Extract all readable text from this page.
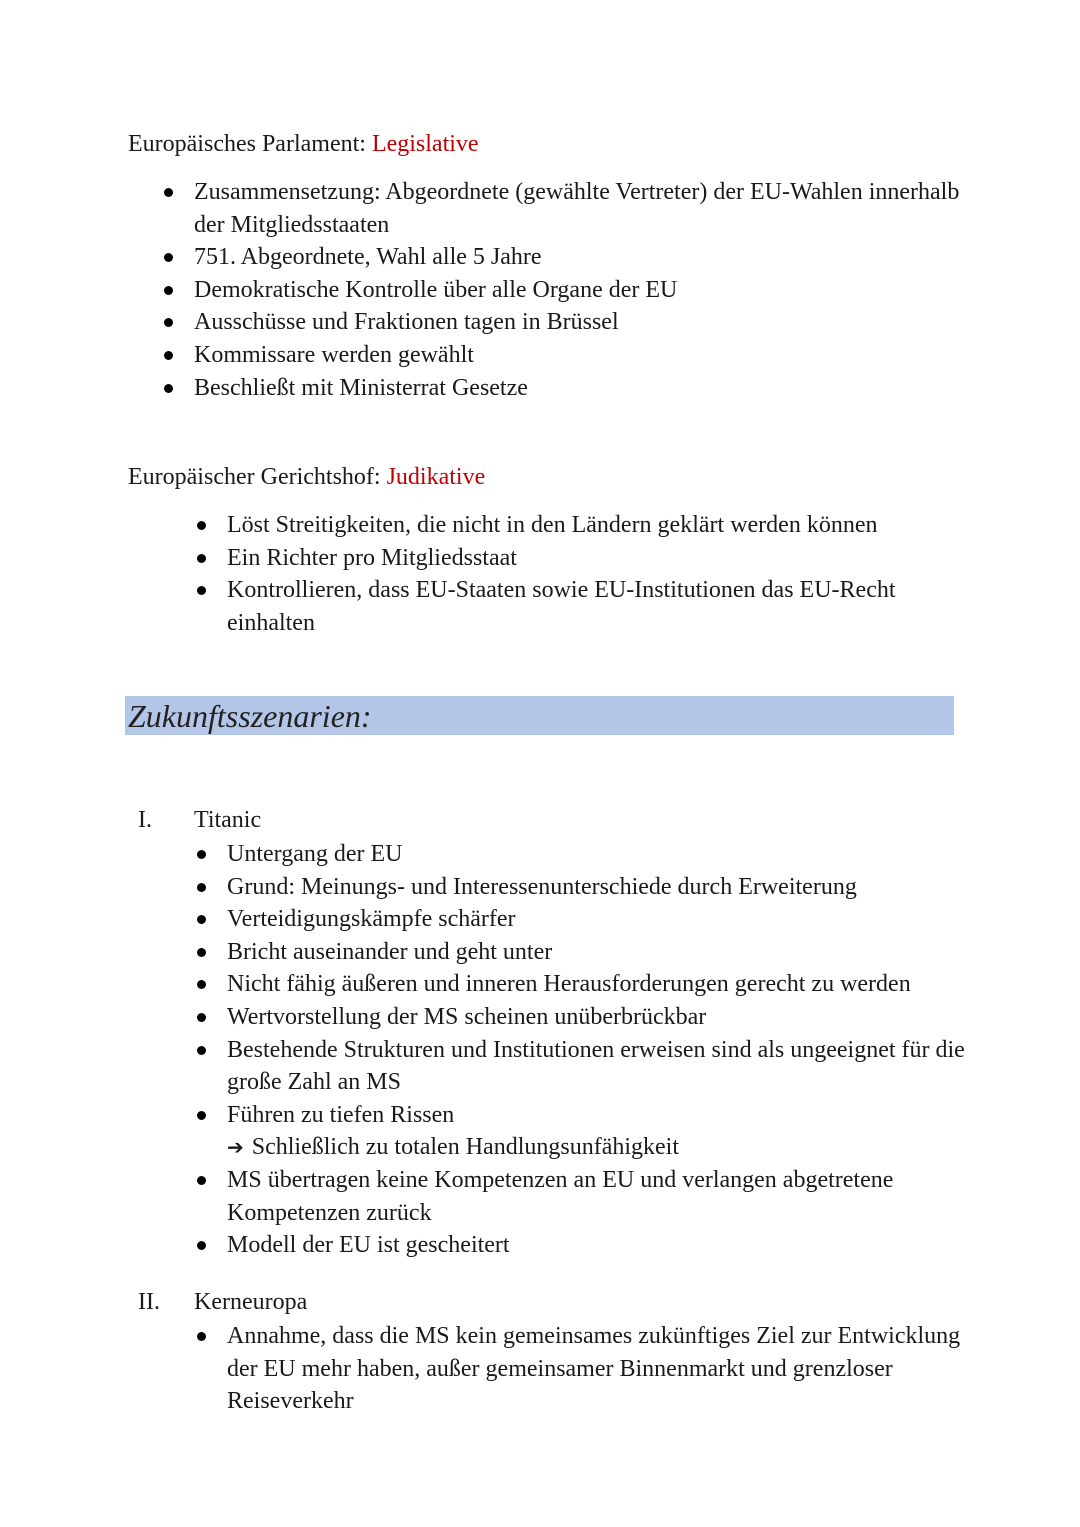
Europäisches Parlament: Legislative
Zusammensetzung: Abgeordnete (gewählte Vertreter) der EU-Wahlen innerhalb der Mitgliedsstaaten
751. Abgeordnete, Wahl alle 5 Jahre
Demokratische Kontrolle über alle Organe der EU
Ausschüsse und Fraktionen tagen in Brüssel
Kommissare werden gewählt
Beschließt mit Ministerrat Gesetze
Europäischer Gerichtshof: Judikative
Löst Streitigkeiten, die nicht in den Ländern geklärt werden können
Ein Richter pro Mitgliedsstaat
Kontrollieren, dass EU-Staaten sowie EU-Institutionen das EU-Recht einhalten
Zukunftsszenarien:
I. Titanic
Untergang der EU
Grund: Meinungs- und Interessenunterschiede durch Erweiterung
Verteidigungskämpfe schärfer
Bricht auseinander und geht unter
Nicht fähig äußeren und inneren Herausforderungen gerecht zu werden
Wertvorstellung der MS scheinen unüberbrückbar
Bestehende Strukturen und Institutionen erweisen sind als ungeeignet für die große Zahl an MS
Führen zu tiefen Rissen
➔ Schließlich zu totalen Handlungsunfähigkeit
MS übertragen keine Kompetenzen an EU und verlangen abgetretene Kompetenzen zurück
Modell der EU ist gescheitert
II. Kerneuropa
Annahme, dass die MS kein gemeinsames zukünftiges Ziel zur Entwicklung der EU mehr haben, außer gemeinsamer Binnenmarkt und grenzloser Reiseverkehr
